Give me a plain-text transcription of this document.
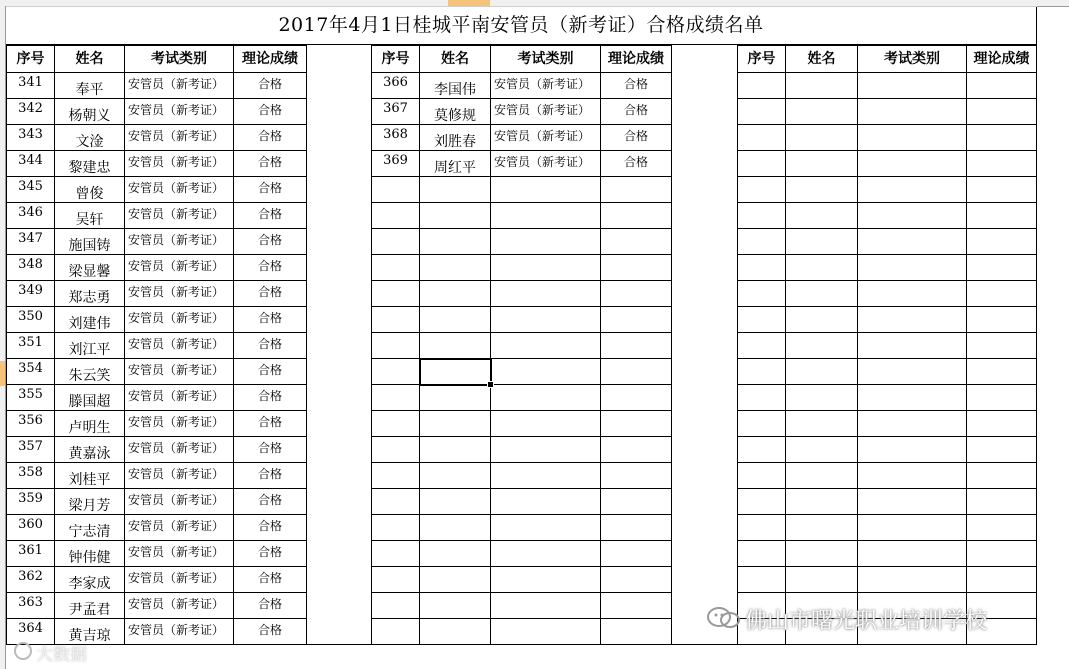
2017年4月1日桂城平南安管员（新考证）合格成绩名单
序号	姓名	考试类别	理论成绩
341	奉平	安管员（新考证）	合格
342	杨朝义	安管员（新考证）	合格
343	文淦	安管员（新考证）	合格
344	黎建忠	安管员（新考证）	合格
345	曾俊	安管员（新考证）	合格
346	吴轩	安管员（新考证）	合格
347	施国铸	安管员（新考证）	合格
348	梁显馨	安管员（新考证）	合格
349	郑志勇	安管员（新考证）	合格
350	刘建伟	安管员（新考证）	合格
351	刘江平	安管员（新考证）	合格
354	朱云笑	安管员（新考证）	合格
355	滕国超	安管员（新考证）	合格
356	卢明生	安管员（新考证）	合格
357	黄嘉泳	安管员（新考证）	合格
358	刘桂平	安管员（新考证）	合格
359	梁月芳	安管员（新考证）	合格
360	宁志清	安管员（新考证）	合格
361	钟伟健	安管员（新考证）	合格
362	李家成	安管员（新考证）	合格
363	尹孟君	安管员（新考证）	合格
364	黄吉琼	安管员（新考证）	合格
序号	姓名	考试类别	理论成绩
366	李国伟	安管员（新考证）	合格
367	莫修规	安管员（新考证）	合格
368	刘胜春	安管员（新考证）	合格
369	周红平	安管员（新考证）	合格
序号	姓名	考试类别	理论成绩
佛山市曙光职业培训学校
大数据
